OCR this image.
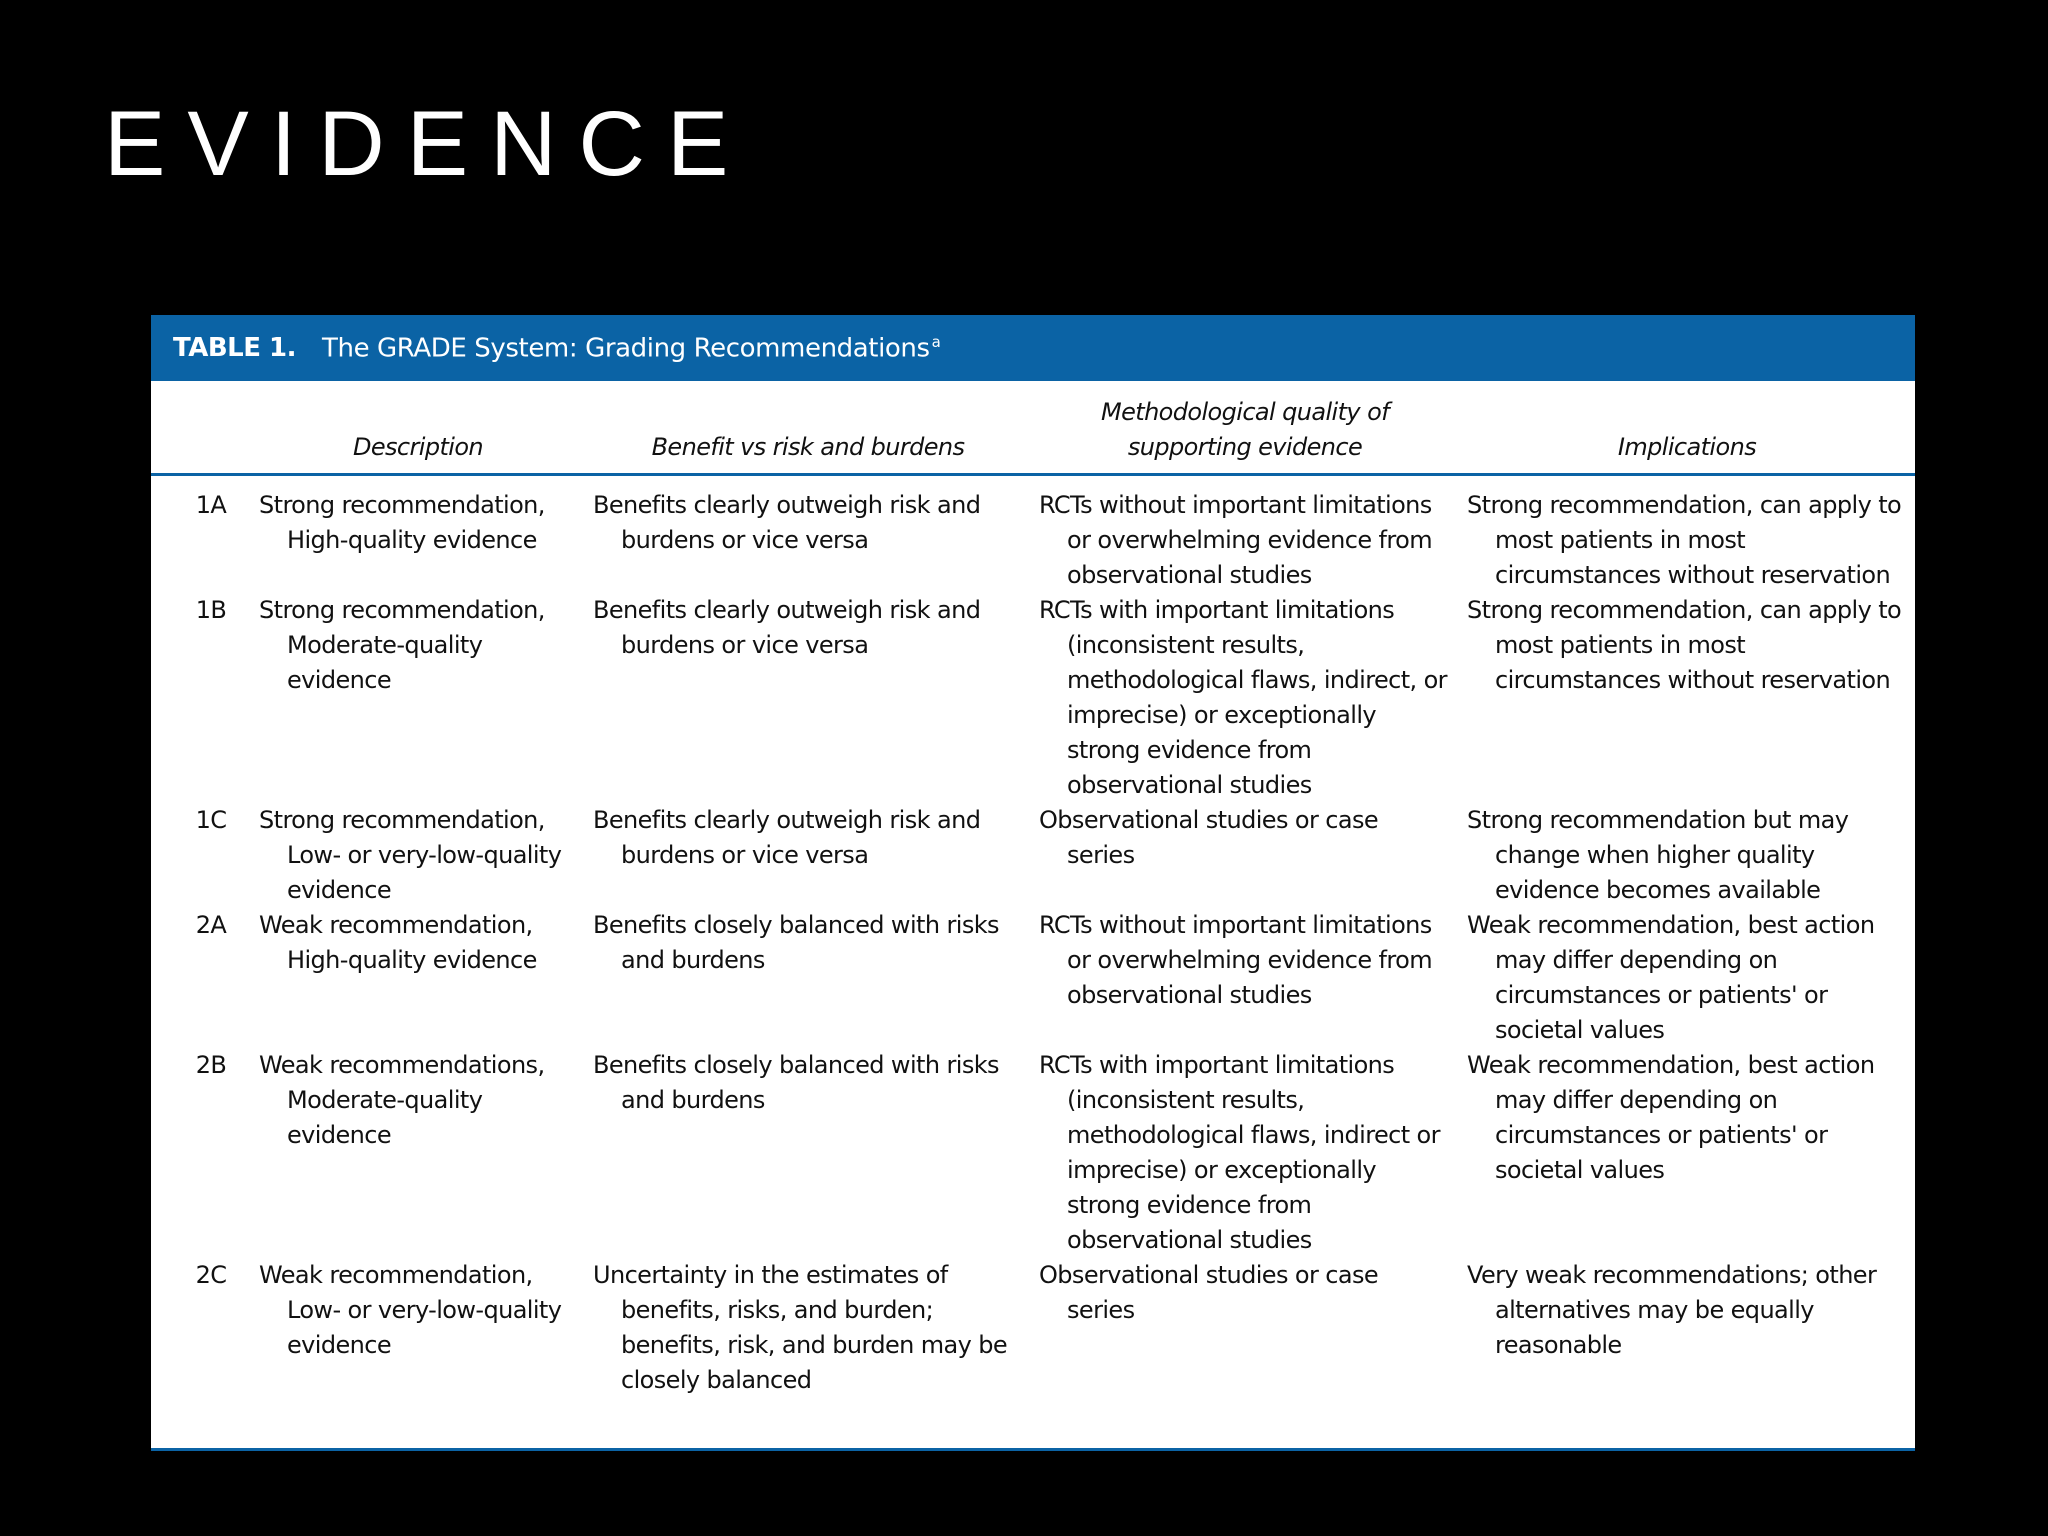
EVIDENCE
TABLE 1. The GRADE System: Grading Recommendations $^a$
	Description	Benefit vs risk and burdens	Methodological quality of supporting evidence	Implications
1A	Strong recommendation, High-quality evidence	Benefits clearly outweigh risk and burdens or vice versa	RCTs without important limitations or overwhelming evidence from observational studies	Strong recommendation, can apply to most patients in most circumstances without reservation

1B	Strong recommendation, Moderate-quality evidence	Benefits clearly outweigh risk and burdens or vice versa	RCTs with important limitations (inconsistent results, methodological flaws, indirect, or imprecise) or exceptionally strong evidence from observational studies	Strong recommendation, can apply to most patients in most circumstances without reservation

1C	Strong recommendation, Low- or very-low-quality evidence	Benefits clearly outweigh risk and burdens or vice versa	Observational studies or case series	Strong recommendation but may change when higher quality evidence becomes available

2A	Weak recommendation, High-quality evidence	Benefits closely balanced with risks and burdens	RCTs without important limitations or overwhelming evidence from observational studies	Weak recommendation, best action may differ depending on circumstances or patients' or societal values

2B	Weak recommendations, Moderate-quality evidence	Benefits closely balanced with risks and burdens	RCTs with important limitations (inconsistent results, methodological flaws, indirect or imprecise) or exceptionally strong evidence from observational studies	Weak recommendation, best action may differ depending on circumstances or patients' or societal values

2C	Weak recommendation, Low- or very-low-quality evidence	Uncertainty in the estimates of benefits, risks, and burden; benefits, risk, and burden may be closely balanced	Observational studies or case series	Very weak recommendations; other alternatives may be equally reasonable
